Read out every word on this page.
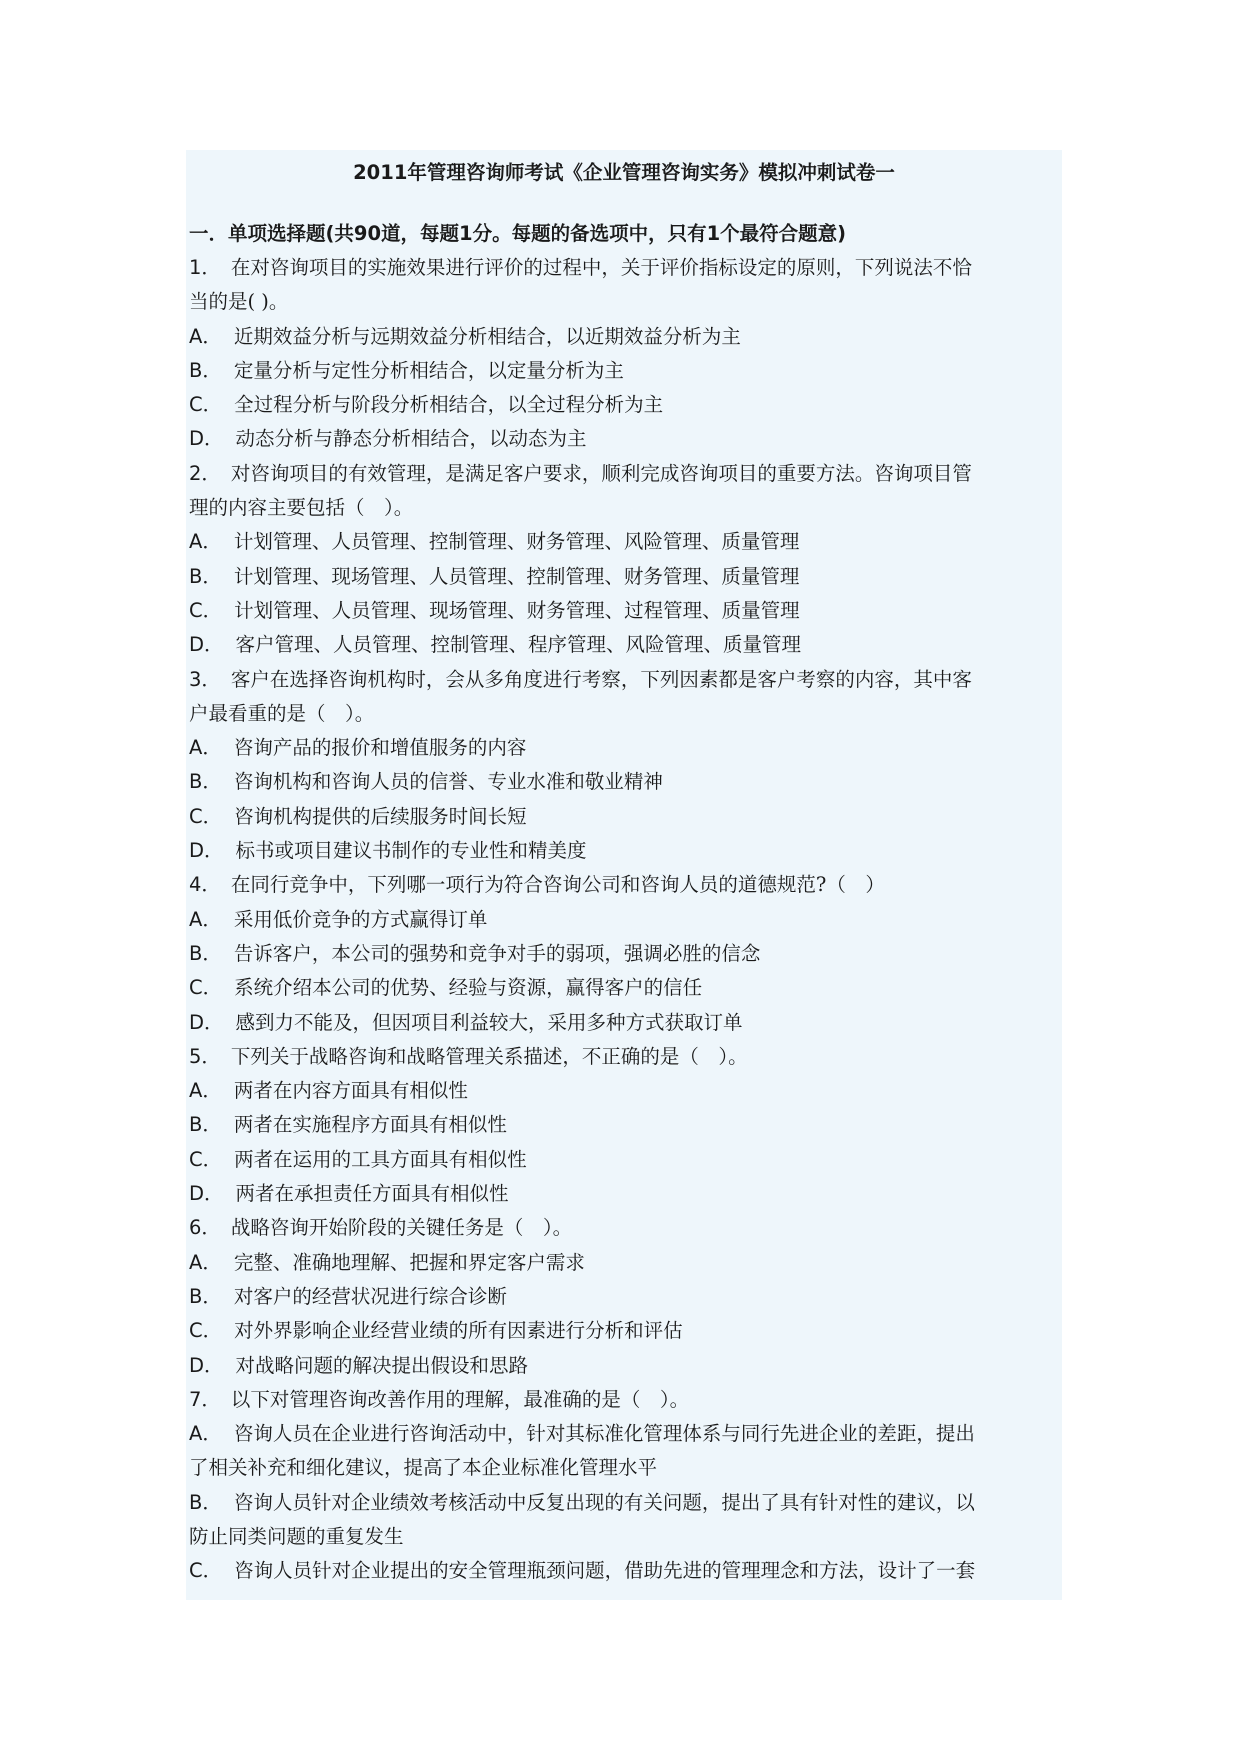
2011年管理咨询师考试《企业管理咨询实务》模拟冲刺试卷一
一．单项选择题(共90道，每题1分。每题的备选项中，只有1个最符合题意)
1． 在对咨询项目的实施效果进行评价的过程中，关于评价指标设定的原则，下列说法不恰
当的是( )。
A． 近期效益分析与远期效益分析相结合，以近期效益分析为主
B． 定量分析与定性分析相结合，以定量分析为主
C． 全过程分析与阶段分析相结合，以全过程分析为主
D． 动态分析与静态分析相结合，以动态为主
2． 对咨询项目的有效管理，是满足客户要求，顺利完成咨询项目的重要方法。咨询项目管
理的内容主要包括（　）。
A． 计划管理、人员管理、控制管理、财务管理、风险管理、质量管理
B． 计划管理、现场管理、人员管理、控制管理、财务管理、质量管理
C． 计划管理、人员管理、现场管理、财务管理、过程管理、质量管理
D． 客户管理、人员管理、控制管理、程序管理、风险管理、质量管理
3． 客户在选择咨询机构时，会从多角度进行考察，下列因素都是客户考察的内容，其中客
户最看重的是（　）。
A． 咨询产品的报价和增值服务的内容
B． 咨询机构和咨询人员的信誉、专业水准和敬业精神
C． 咨询机构提供的后续服务时间长短
D． 标书或项目建议书制作的专业性和精美度
4． 在同行竞争中，下列哪一项行为符合咨询公司和咨询人员的道德规范?（　）
A． 采用低价竞争的方式赢得订单
B． 告诉客户，本公司的强势和竞争对手的弱项，强调必胜的信念
C． 系统介绍本公司的优势、经验与资源，赢得客户的信任
D． 感到力不能及，但因项目利益较大，采用多种方式获取订单
5． 下列关于战略咨询和战略管理关系描述，不正确的是（　）。
A． 两者在内容方面具有相似性
B． 两者在实施程序方面具有相似性
C． 两者在运用的工具方面具有相似性
D． 两者在承担责任方面具有相似性
6． 战略咨询开始阶段的关键任务是（　）。
A． 完整、准确地理解、把握和界定客户需求
B． 对客户的经营状况进行综合诊断
C． 对外界影响企业经营业绩的所有因素进行分析和评估
D． 对战略问题的解决提出假设和思路
7． 以下对管理咨询改善作用的理解，最准确的是（　）。
A． 咨询人员在企业进行咨询活动中，针对其标准化管理体系与同行先进企业的差距，提出
了相关补充和细化建议，提高了本企业标准化管理水平
B． 咨询人员针对企业绩效考核活动中反复出现的有关问题，提出了具有针对性的建议，以
防止同类问题的重复发生
C． 咨询人员针对企业提出的安全管理瓶颈问题，借助先进的管理理念和方法，设计了一套
